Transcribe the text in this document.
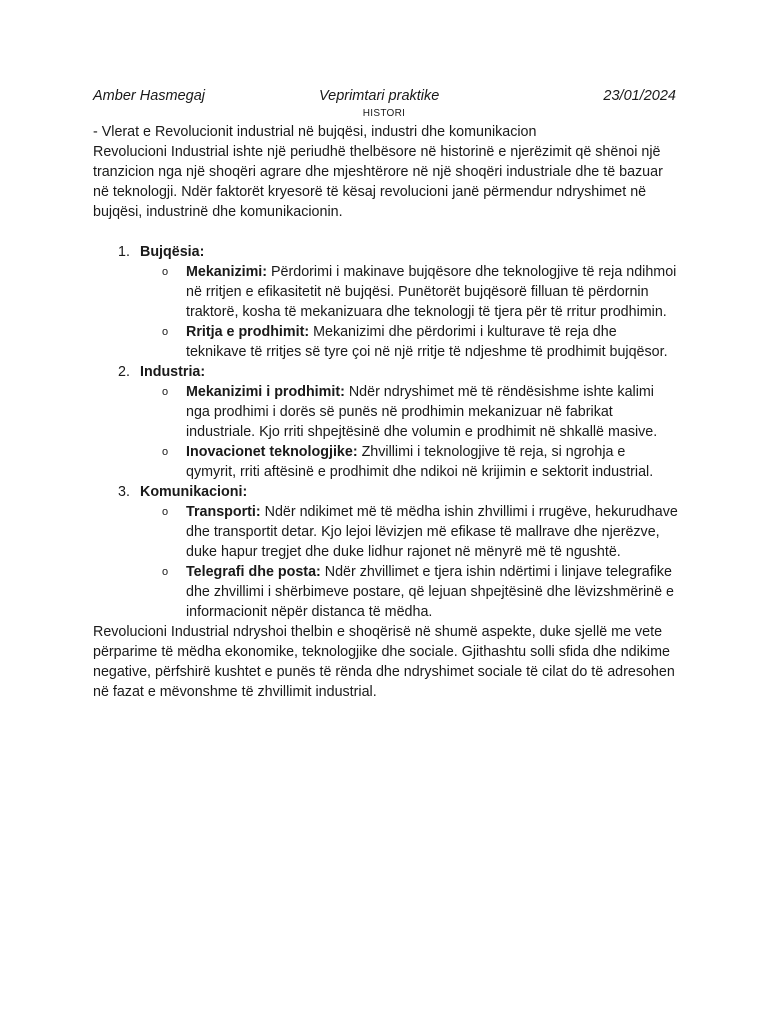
Amber Hasmegaj	Veprimtari praktike	23/01/2024
HISTORI

- Vlerat e Revolucionit industrial në bujqësi, industri dhe komunikacion

Revolucioni Industrial ishte një periudhë thelbësore në historinë e njerëzimit që shënoi një tranzicion nga një shoqëri agrare dhe mjeshtërore në një shoqëri industriale dhe të bazuar në teknologji. Ndër faktorët kryesorë të kësaj revolucioni janë përmendur ndryshimet në bujqësi, industrinë dhe komunikacionin.

1. Bujqësia:
o Mekanizimi: Përdorimi i makinave bujqësore dhe teknologjive të reja ndihmoi në rritjen e efikasitetit në bujqësi. Punëtorët bujqësorë filluan të përdornin traktorë, kosha të mekanizuara dhe teknologji të tjera për të rritur prodhimin.
o Rritja e prodhimit: Mekanizimi dhe përdorimi i kulturave të reja dhe teknikave të rritjes së tyre çoi në një rritje të ndjeshme të prodhimit bujqësor.
2. Industria:
o Mekanizimi i prodhimit: Ndër ndryshimet më të rëndësishme ishte kalimi nga prodhimi i dorës së punës në prodhimin mekanizuar në fabrikat industriale. Kjo rriti shpejtësinë dhe volumin e prodhimit në shkallë masive.
o Inovacionet teknologjike: Zhvillimi i teknologjive të reja, si ngrohja e qymyrit, rriti aftësinë e prodhimit dhe ndikoi në krijimin e sektorit industrial.
3. Komunikacioni:
o Transporti: Ndër ndikimet më të mëdha ishin zhvillimi i rrugëve, hekurudhave dhe transportit detar. Kjo lejoi lëvizjen më efikase të mallrave dhe njerëzve, duke hapur tregjet dhe duke lidhur rajonet në mënyrë më të ngushtë.
o Telegrafi dhe posta: Ndër zhvillimet e tjera ishin ndërtimi i linjave telegrafike dhe zhvillimi i shërbimeve postare, që lejuan shpejtësinë dhe lëvizshmërinë e informacionit nëpër distanca të mëdha.

Revolucioni Industrial ndryshoi thelbin e shoqërisë në shumë aspekte, duke sjellë me vete përparime të mëdha ekonomike, teknologjike dhe sociale. Gjithashtu solli sfida dhe ndikime negative, përfshirë kushtet e punës të rënda dhe ndryshimet sociale të cilat do të adresohen në fazat e mëvonshme të zhvillimit industrial.
